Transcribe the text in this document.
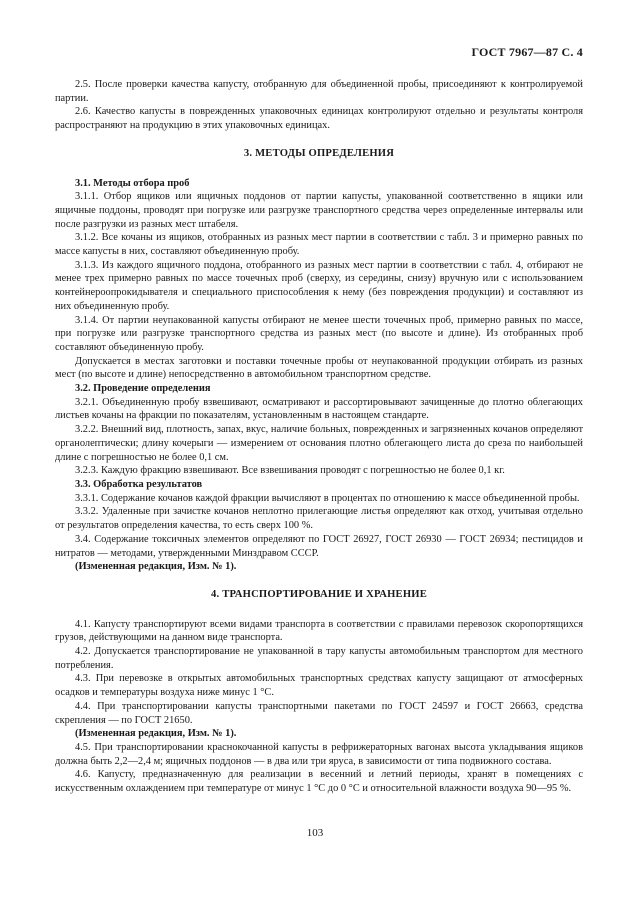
ГОСТ 7967—87 С. 4

2.5. После проверки качества капусту, отобранную для объединенной пробы, присоединяют к контролируемой партии.

2.6. Качество капусты в поврежденных упаковочных единицах контролируют отдельно и результаты контроля распространяют на продукцию в этих упаковочных единицах.

3. МЕТОДЫ ОПРЕДЕЛЕНИЯ

3.1. Методы отбора проб

3.1.1. Отбор ящиков или ящичных поддонов от партии капусты, упакованной соответственно в ящики или ящичные поддоны, проводят при погрузке или разгрузке транспортного средства через определенные интервалы или после разгрузки из разных мест штабеля.

3.1.2. Все кочаны из ящиков, отобранных из разных мест партии в соответствии с табл. 3 и примерно равных по массе капусты в них, составляют объединенную пробу.

3.1.3. Из каждого ящичного поддона, отобранного из разных мест партии в соответствии с табл. 4, отбирают не менее трех примерно равных по массе точечных проб (сверху, из середины, снизу) вручную или с использованием контейнероопрокидывателя и специального приспособления к нему (без повреждения продукции) и составляют из них объединенную пробу.

3.1.4. От партии неупакованной капусты отбирают не менее шести точечных проб, примерно равных по массе, при погрузке или разгрузке транспортного средства из разных мест (по высоте и длине). Из отобранных проб составляют объединенную пробу.

Допускается в местах заготовки и поставки точечные пробы от неупакованной продукции отбирать из разных мест (по высоте и длине) непосредственно в автомобильном транспортном средстве.

3.2. Проведение определения

3.2.1. Объединенную пробу взвешивают, осматривают и рассортировывают зачищенные до плотно облегающих листьев кочаны на фракции по показателям, установленным в настоящем стандарте.

3.2.2. Внешний вид, плотность, запах, вкус, наличие больных, поврежденных и загрязненных кочанов определяют органолептически; длину кочерыги — измерением от основания плотно облегающего листа до среза по наибольшей длине с погрешностью не более 0,1 см.

3.2.3. Каждую фракцию взвешивают. Все взвешивания проводят с погрешностью не более 0,1 кг.

3.3. Обработка результатов

3.3.1. Содержание кочанов каждой фракции вычисляют в процентах по отношению к массе объединенной пробы.

3.3.2. Удаленные при зачистке кочанов неплотно прилегающие листья определяют как отход, учитывая отдельно от результатов определения качества, то есть сверх 100 %.

3.4. Содержание токсичных элементов определяют по ГОСТ 26927, ГОСТ 26930 — ГОСТ 26934; пестицидов и нитратов — методами, утвержденными Минздравом СССР.

(Измененная редакция, Изм. № 1).

4. ТРАНСПОРТИРОВАНИЕ И ХРАНЕНИЕ

4.1. Капусту транспортируют всеми видами транспорта в соответствии с правилами перевозок скоропортящихся грузов, действующими на данном виде транспорта.

4.2. Допускается транспортирование не упакованной в тару капусты автомобильным транспортом для местного потребления.

4.3. При перевозке в открытых автомобильных транспортных средствах капусту защищают от атмосферных осадков и температуры воздуха ниже минус 1 °С.

4.4. При транспортировании капусты транспортными пакетами по ГОСТ 24597 и ГОСТ 26663, средства скрепления — по ГОСТ 21650.

(Измененная редакция, Изм. № 1).

4.5. При транспортировании краснокочанной капусты в рефрижераторных вагонах высота укладывания ящиков должна быть 2,2—2,4 м; ящичных поддонов — в два или три яруса, в зависимости от типа подвижного состава.

4.6. Капусту, предназначенную для реализации в весенний и летний периоды, хранят в помещениях с искусственным охлаждением при температуре от минус 1 °С до 0 °С и относительной влажности воздуха 90—95 %.

103
